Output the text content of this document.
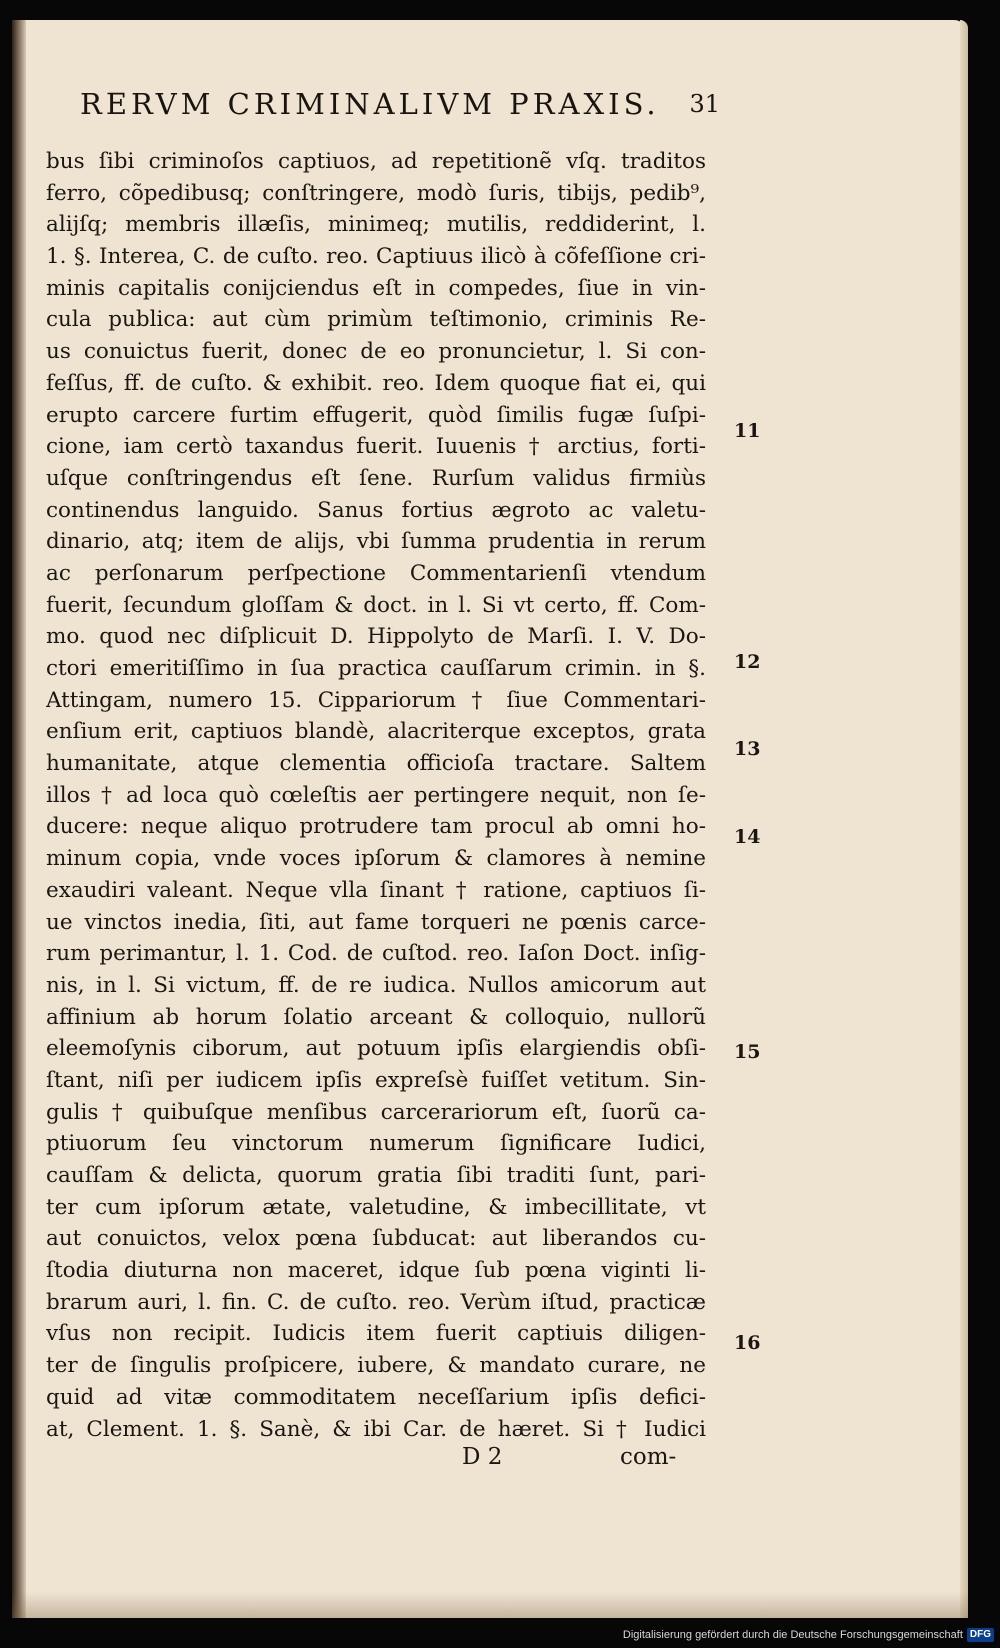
RERVM CRIMINALIVM PRAXIS. 31
bus ſibi criminoſos captiuos, ad repetitionẽ vſq. traditos
ferro, cõpedibusq; conſtringere, modò ſuris, tibijs, pedib⁹,
alijſq; membris illæſis, minimeq; mutilis, reddiderint, l.
1. §. Interea, C. de cuſto. reo. Captiuus ilicò à cõfeſſione cri-
minis capitalis conijciendus eſt in compedes, ſiue in vin-
cula publica: aut cùm primùm teſtimonio, criminis Re-
us conuictus fuerit, donec de eo pronuncietur, l. Si con-
feſſus, ff. de cuſto. & exhibit. reo. Idem quoque fiat ei, qui
erupto carcere furtim effugerit, quòd ſimilis fugæ ſuſpi-
cione, iam certò taxandus fuerit. Iuuenis † arctius, forti-
uſque conſtringendus eſt ſene. Rurſum validus firmiùs
continendus languido. Sanus fortius ægroto ac valetu-
dinario, atq; item de alijs, vbi ſumma prudentia in rerum
ac perſonarum perſpectione Commentarienſi vtendum
fuerit, ſecundum gloſſam & doct. in l. Si vt certo, ff. Com-
mo. quod nec diſplicuit D. Hippolyto de Marſi. I. V. Do-
ctori emeritiſſimo in ſua practica cauſſarum crimin. in §.
Attingam, numero 15. Cippariorum † ſiue Commentari-
enſium erit, captiuos blandè, alacriterque exceptos, grata
humanitate, atque clementia officioſa tractare. Saltem
illos † ad loca quò cœleſtis aer pertingere nequit, non ſe-
ducere: neque aliquo protrudere tam procul ab omni ho-
minum copia, vnde voces ipſorum & clamores à nemine
exaudiri valeant. Neque vlla ſinant † ratione, captiuos ſi-
ue vinctos inedia, ſiti, aut fame torqueri ne pœnis carce-
rum perimantur, l. 1. Cod. de cuſtod. reo. Iaſon Doct. inſig-
nis, in l. Si victum, ff. de re iudica. Nullos amicorum aut
affinium ab horum ſolatio arceant & colloquio, nullorũ
eleemoſynis ciborum, aut potuum ipſis elargiendis obſi-
ſtant, niſi per iudicem ipſis expreſsè fuiſſet vetitum. Sin-
gulis † quibuſque menſibus carcerariorum eſt, ſuorũ ca-
ptiuorum ſeu vinctorum numerum ſignificare Iudici,
cauſſam & delicta, quorum gratia ſibi traditi ſunt, pari-
ter cum ipſorum ætate, valetudine, & imbecillitate, vt
aut conuictos, velox pœna ſubducat: aut liberandos cu-
ſtodia diuturna non maceret, idque ſub pœna viginti li-
brarum auri, l. fin. C. de cuſto. reo. Verùm iſtud, practicæ
vſus non recipit. Iudicis item fuerit captiuis diligen-
ter de ſingulis proſpicere, iubere, & mandato curare, ne
quid ad vitæ commoditatem neceſſarium ipſis defici-
at, Clement. 1. §. Sanè, & ibi Car. de hæret. Si † Iudici
11
12
13
14
15
16
D 2	com-
Digitalisierung gefördert durch die Deutsche Forschungsgemeinschaft DFG
